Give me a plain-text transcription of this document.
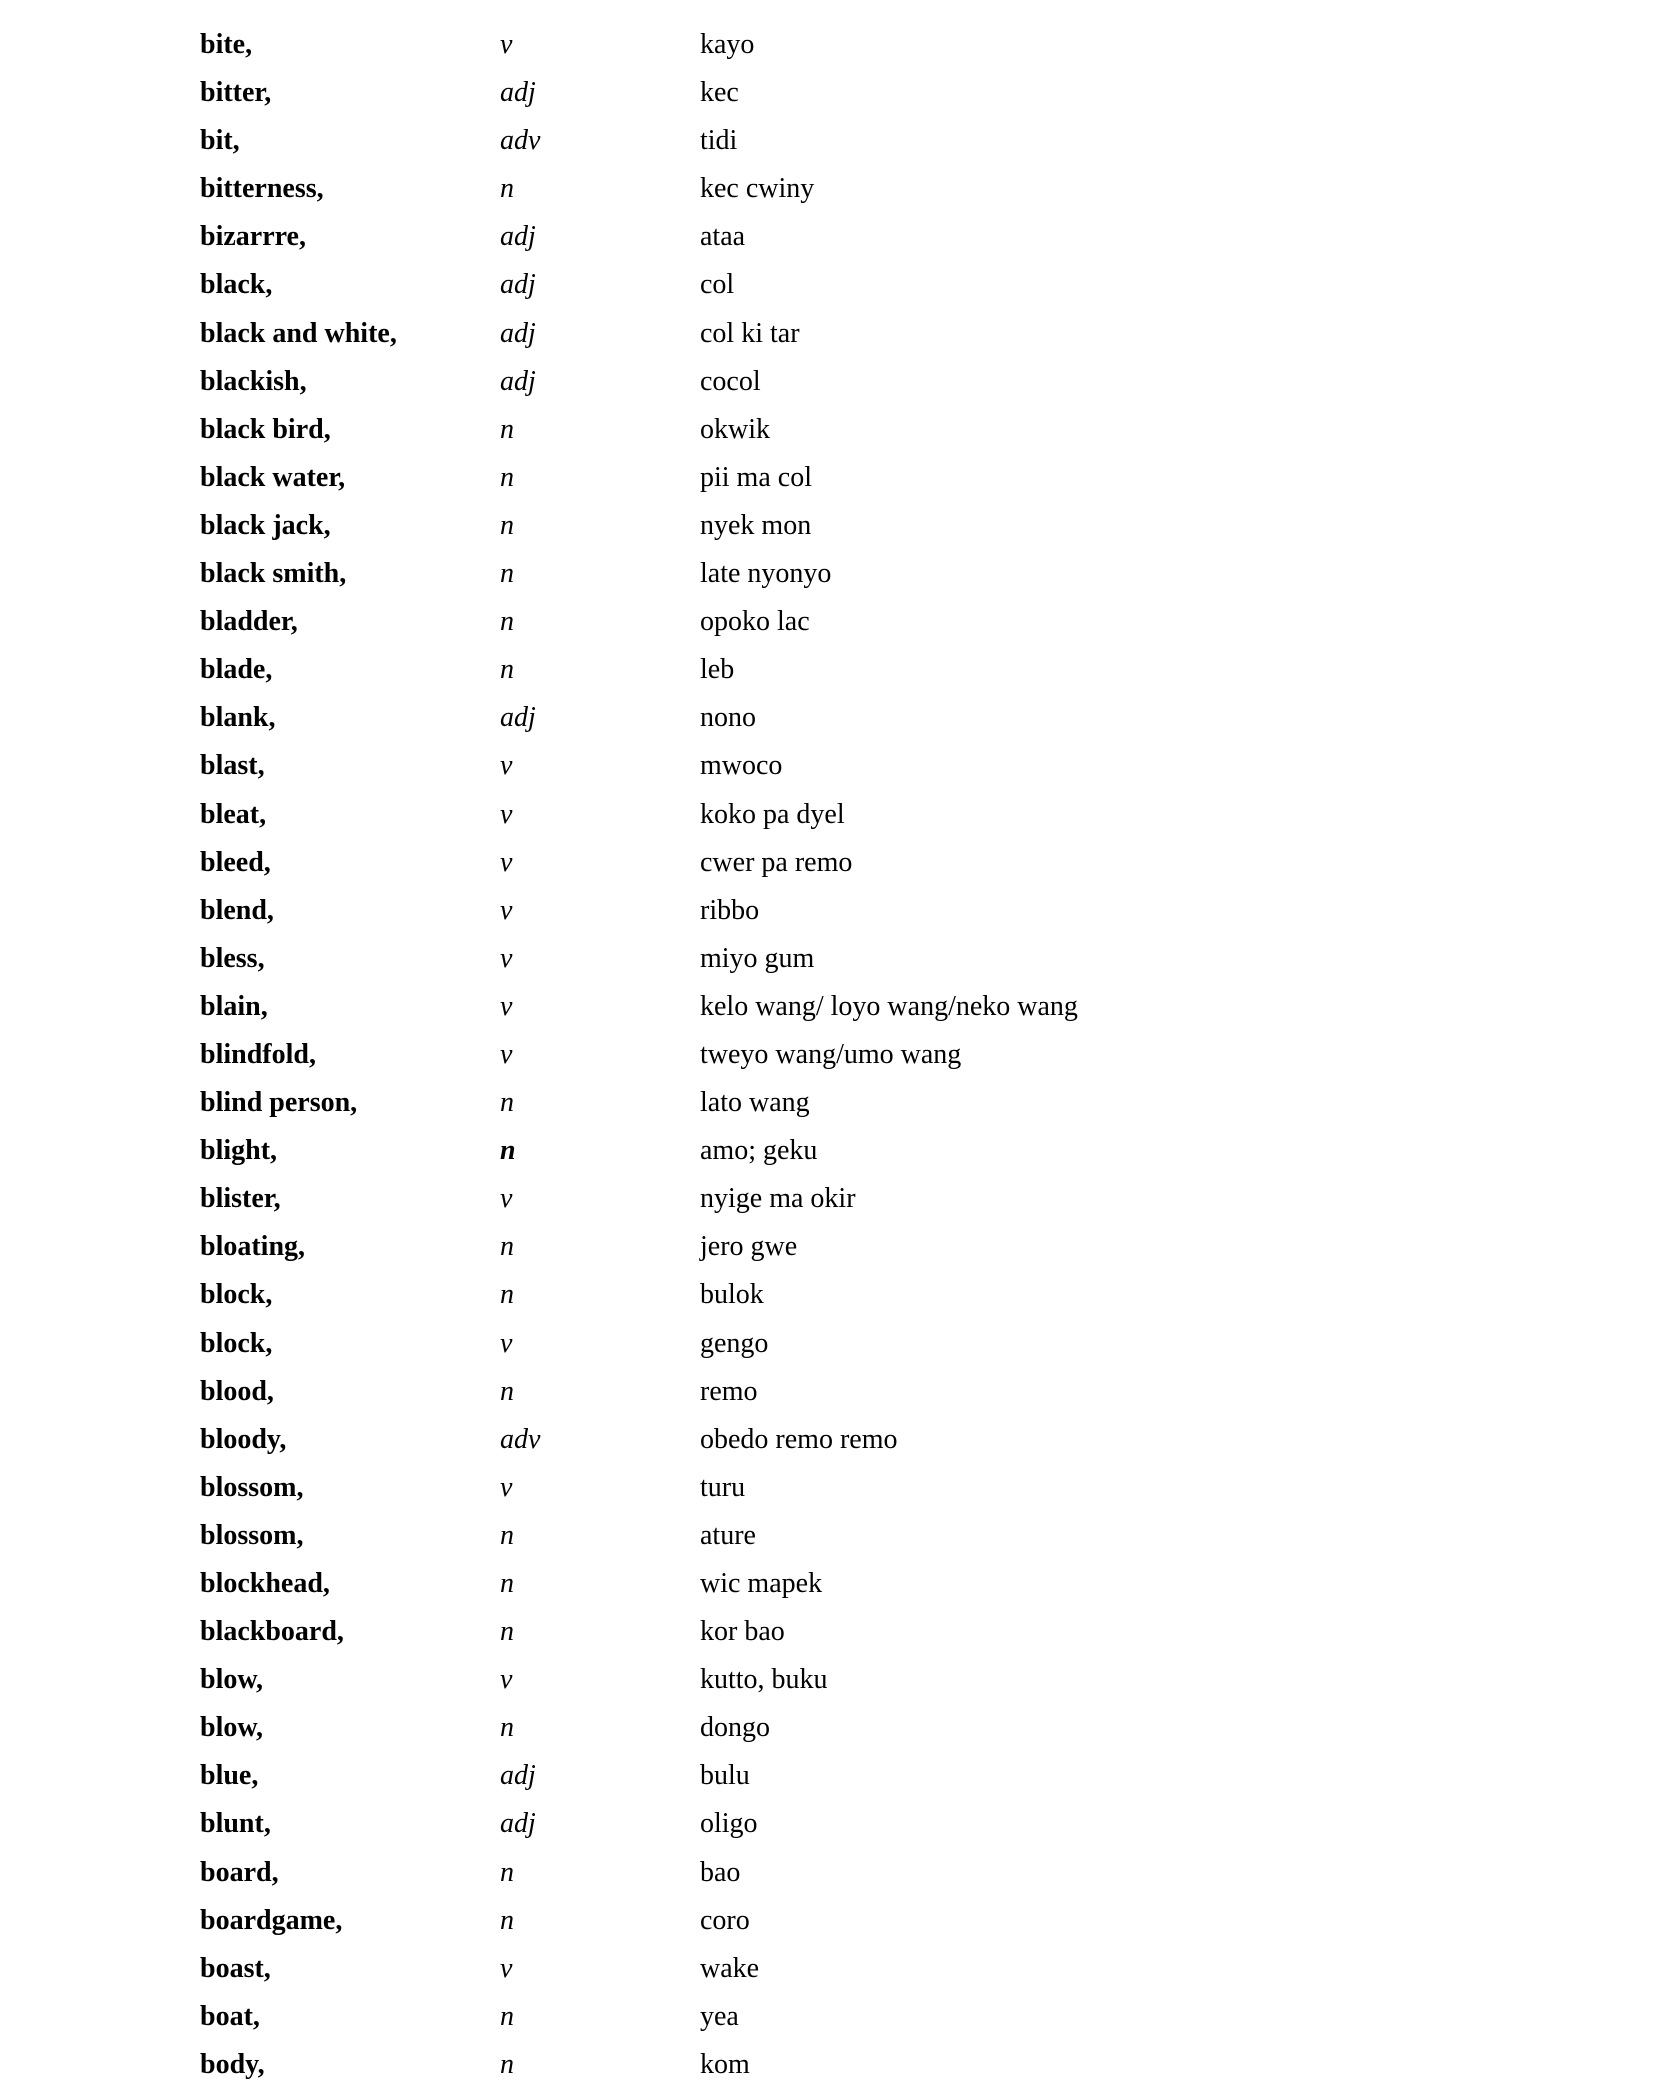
bite,	v	kayo
bitter,	adj	kec
bit,	adv	tidi
bitterness,	n	kec cwiny
bizarrre,	adj	ataa
black,	adj	col
black and white,	adj	col ki tar
blackish,	adj	cocol
black bird,	n	okwik
black water,	n	pii ma col
black jack,	n	nyek mon
black smith,	n	late nyonyo
bladder,	n	opoko lac
blade,	n	leb
blank,	adj	nono
blast,	v	mwoco
bleat,	v	koko pa dyel
bleed,	v	cwer pa remo
blend,	v	ribbo
bless,	v	miyo gum
blain,	v	kelo wang/ loyo wang/neko wang
blindfold,	v	tweyo wang/umo wang
blind person,	n	lato wang
blight,	n	amo; geku
blister,	v	nyige ma okir
bloating,	n	jero gwe
block,	n	bulok
block,	v	gengo
blood,	n	remo
bloody,	adv	obedo remo remo
blossom,	v	turu
blossom,	n	ature
blockhead,	n	wic mapek
blackboard,	n	kor bao
blow,	v	kutto, buku
blow,	n	dongo
blue,	adj	bulu
blunt,	adj	oligo
board,	n	bao
boardgame,	n	coro
boast,	v	wake
boat,	n	yea
body,	n	kom
